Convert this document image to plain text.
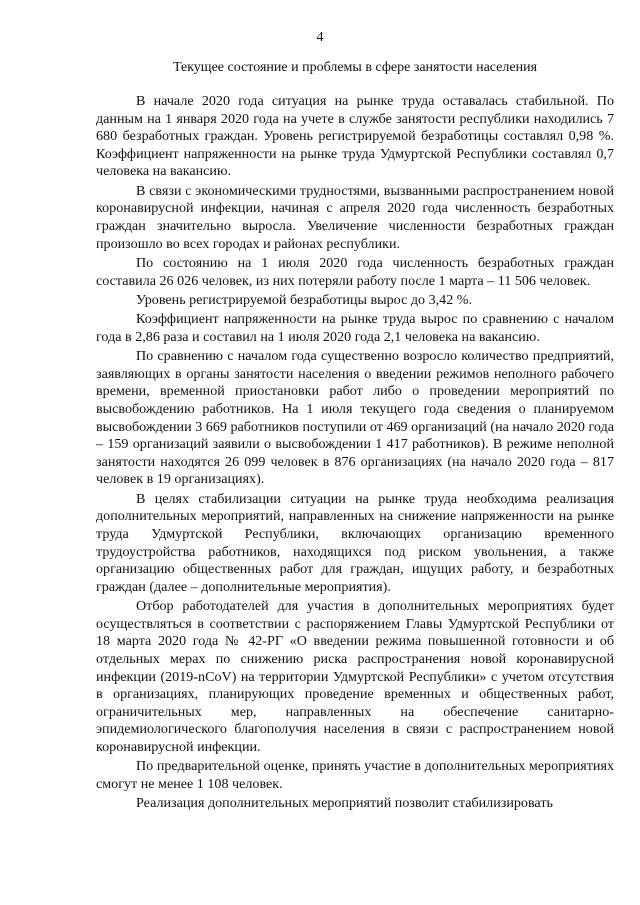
4
Текущее состояние и проблемы в сфере занятости населения

В начале 2020 года ситуация на рынке труда оставалась стабильной. По данным на 1 января 2020 года на учете в службе занятости республики находились 7 680 безработных граждан. Уровень регистрируемой безработицы составлял 0,98 %. Коэффициент напряженности на рынке труда Удмуртской Республики составлял 0,7 человека на вакансию.

В связи с экономическими трудностями, вызванными распространением новой коронавирусной инфекции, начиная с апреля 2020 года численность безработных граждан значительно выросла. Увеличение численности безработных граждан произошло во всех городах и районах республики.

По состоянию на 1 июля 2020 года численность безработных граждан составила 26 026 человек, из них потеряли работу после 1 марта – 11 506 человек.

Уровень регистрируемой безработицы вырос до 3,42 %.

Коэффициент напряженности на рынке труда вырос по сравнению с началом года в 2,86 раза и составил на 1 июля 2020 года 2,1 человека на вакансию.

По сравнению с началом года существенно возросло количество предприятий, заявляющих в органы занятости населения о введении режимов неполного рабочего времени, временной приостановки работ либо о проведении мероприятий по высвобождению работников. На 1 июля текущего года сведения о планируемом высвобождении 3 669 работников поступили от 469 организаций (на начало 2020 года – 159 организаций заявили о высвобождении 1 417 работников). В режиме неполной занятости находятся 26 099 человек в 876 организациях (на начало 2020 года – 817 человек в 19 организациях).

В целях стабилизации ситуации на рынке труда необходима реализация дополнительных мероприятий, направленных на снижение напряженности на рынке труда Удмуртской Республики, включающих организацию временного трудоустройства работников, находящихся под риском увольнения, а также организацию общественных работ для граждан, ищущих работу, и безработных граждан (далее – дополнительные мероприятия).

Отбор работодателей для участия в дополнительных мероприятиях будет осуществляться в соответствии с распоряжением Главы Удмуртской Республики от 18 марта 2020 года № 42-РГ «О введении режима повышенной готовности и об отдельных мерах по снижению риска распространения новой коронавирусной инфекции (2019-nCoV) на территории Удмуртской Республики» с учетом отсутствия в организациях, планирующих проведение временных и общественных работ, ограничительных мер, направленных на обеспечение санитарно-эпидемиологического благополучия населения в связи с распространением новой коронавирусной инфекции.

По предварительной оценке, принять участие в дополнительных мероприятиях смогут не менее 1 108 человек.

Реализация дополнительных мероприятий позволит стабилизировать
